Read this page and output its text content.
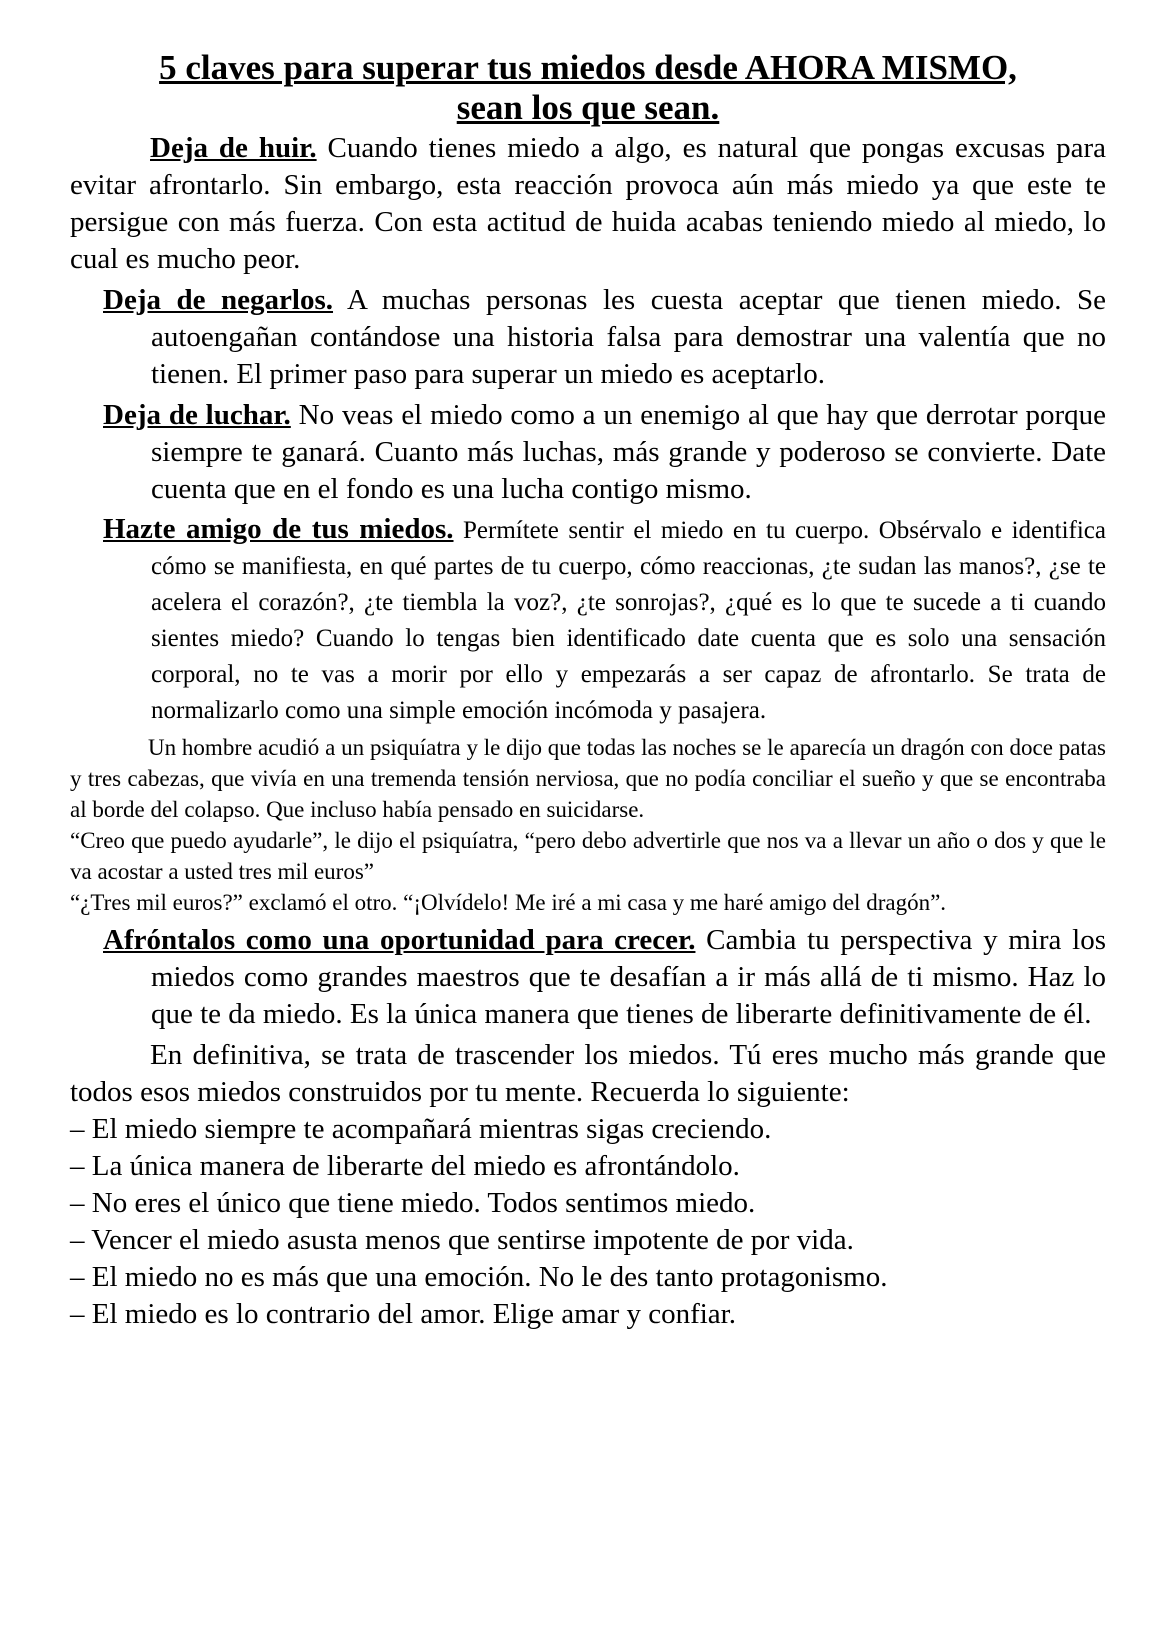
5 claves para superar tus miedos desde AHORA MISMO,
sean los que sean.

Deja de huir. Cuando tienes miedo a algo, es natural que pongas excusas para evitar afrontarlo. Sin embargo, esta reacción provoca aún más miedo ya que este te persigue con más fuerza. Con esta actitud de huida acabas teniendo miedo al miedo, lo cual es mucho peor.

Deja de negarlos. A muchas personas les cuesta aceptar que tienen miedo. Se autoengañan contándose una historia falsa para demostrar una valentía que no tienen. El primer paso para superar un miedo es aceptarlo.

Deja de luchar. No veas el miedo como a un enemigo al que hay que derrotar porque siempre te ganará. Cuanto más luchas, más grande y poderoso se convierte. Date cuenta que en el fondo es una lucha contigo mismo.

Hazte amigo de tus miedos. Permítete sentir el miedo en tu cuerpo. Obsérvalo e identifica cómo se manifiesta, en qué partes de tu cuerpo, cómo reaccionas, ¿te sudan las manos?, ¿se te acelera el corazón?, ¿te tiembla la voz?, ¿te sonrojas?, ¿qué es lo que te sucede a ti cuando sientes miedo? Cuando lo tengas bien identificado date cuenta que es solo una sensación corporal, no te vas a morir por ello y empezarás a ser capaz de afrontarlo. Se trata de normalizarlo como una simple emoción incómoda y pasajera.

Un hombre acudió a un psiquíatra y le dijo que todas las noches se le aparecía un dragón con doce patas y tres cabezas, que vivía en una tremenda tensión nerviosa, que no podía conciliar el sueño y que se encontraba al borde del colapso. Que incluso había pensado en suicidarse.

“Creo que puedo ayudarle”, le dijo el psiquíatra, “pero debo advertirle que nos va a llevar un año o dos y que le va acostar a usted tres mil euros”

“¿Tres mil euros?” exclamó el otro. “¡Olvídelo! Me iré a mi casa y me haré amigo del dragón”.

Afróntalos como una oportunidad para crecer. Cambia tu perspectiva y mira los miedos como grandes maestros que te desafían a ir más allá de ti mismo. Haz lo que te da miedo. Es la única manera que tienes de liberarte definitivamente de él.

En definitiva, se trata de trascender los miedos. Tú eres mucho más grande que todos esos miedos construidos por tu mente. Recuerda lo siguiente:

– El miedo siempre te acompañará mientras sigas creciendo.

– La única manera de liberarte del miedo es afrontándolo.

– No eres el único que tiene miedo. Todos sentimos miedo.

– Vencer el miedo asusta menos que sentirse impotente de por vida.

– El miedo no es más que una emoción. No le des tanto protagonismo.

– El miedo es lo contrario del amor. Elige amar y confiar.
